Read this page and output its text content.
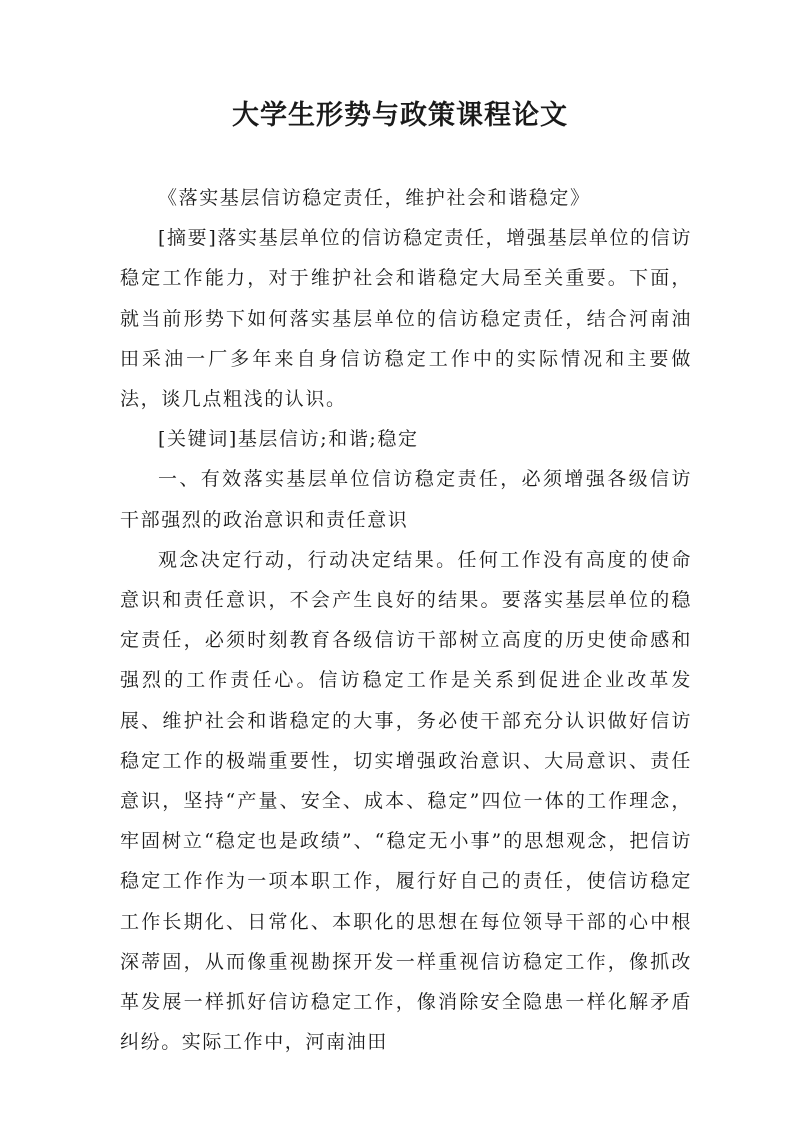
大学生形势与政策课程论文

《落实基层信访稳定责任，维护社会和谐稳定》

[摘要]落实基层单位的信访稳定责任，增强基层单位的信访稳定工作能力，对于维护社会和谐稳定大局至关重要。下面，就当前形势下如何落实基层单位的信访稳定责任，结合河南油田采油一厂多年来自身信访稳定工作中的实际情况和主要做法，谈几点粗浅的认识。

[关键词]基层信访;和谐;稳定

一、有效落实基层单位信访稳定责任，必须增强各级信访干部强烈的政治意识和责任意识

观念决定行动，行动决定结果。任何工作没有高度的使命意识和责任意识，不会产生良好的结果。要落实基层单位的稳定责任，必须时刻教育各级信访干部树立高度的历史使命感和强烈的工作责任心。信访稳定工作是关系到促进企业改革发展、维护社会和谐稳定的大事，务必使干部充分认识做好信访稳定工作的极端重要性，切实增强政治意识、大局意识、责任意识，坚持“产量、安全、成本、稳定”四位一体的工作理念，牢固树立“稳定也是政绩”、“稳定无小事”的思想观念，把信访稳定工作作为一项本职工作，履行好自己的责任，使信访稳定工作长期化、日常化、本职化的思想在每位领导干部的心中根深蒂固，从而像重视勘探开发一样重视信访稳定工作，像抓改革发展一样抓好信访稳定工作，像消除安全隐患一样化解矛盾纠纷。实际工作中，河南油田
